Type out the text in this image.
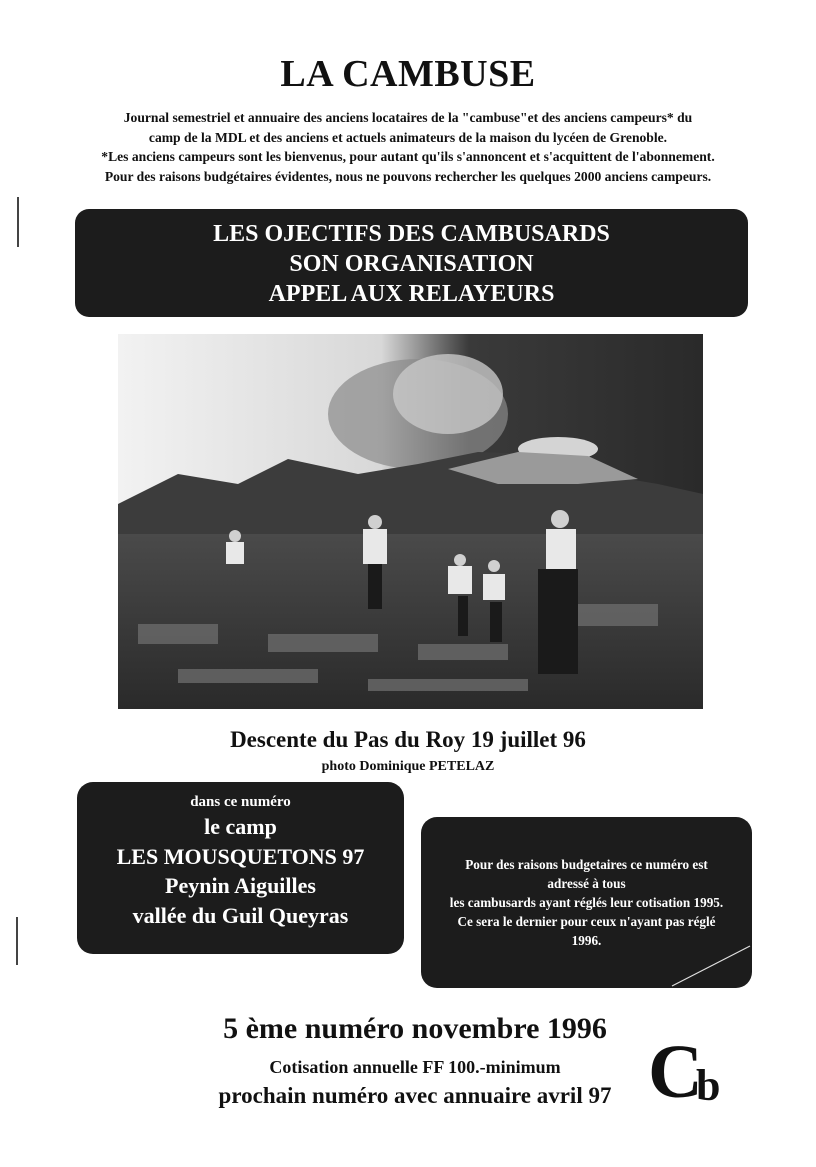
LA CAMBUSE
Journal semestriel et annuaire des anciens locataires de la "cambuse"et des anciens campeurs* du
camp de la MDL et des anciens et actuels animateurs de la maison du lycéen de Grenoble.
*Les anciens campeurs sont les bienvenus, pour autant qu'ils s'annoncent et s'acquittent de l'abonnement.
Pour des raisons budgétaires évidentes, nous ne pouvons rechercher les quelques 2000 anciens campeurs.
LES OJECTIFS DES CAMBUSARDS
SON ORGANISATION
APPEL AUX RELAYEURS
Descente du Pas du Roy 19 juillet 96
photo Dominique PETELAZ
dans ce numéro
le camp
LES MOUSQUETONS 97
Peynin Aiguilles
vallée du Guil Queyras
Pour des raisons budgetaires ce numéro est
adressé à tous
les cambusards ayant réglés leur cotisation 1995.
Ce sera le dernier pour ceux n'ayant pas réglé
1996.
5 ème numéro novembre 1996
Cotisation annuelle FF 100.-minimum
prochain numéro avec annuaire avril 97 C
b
